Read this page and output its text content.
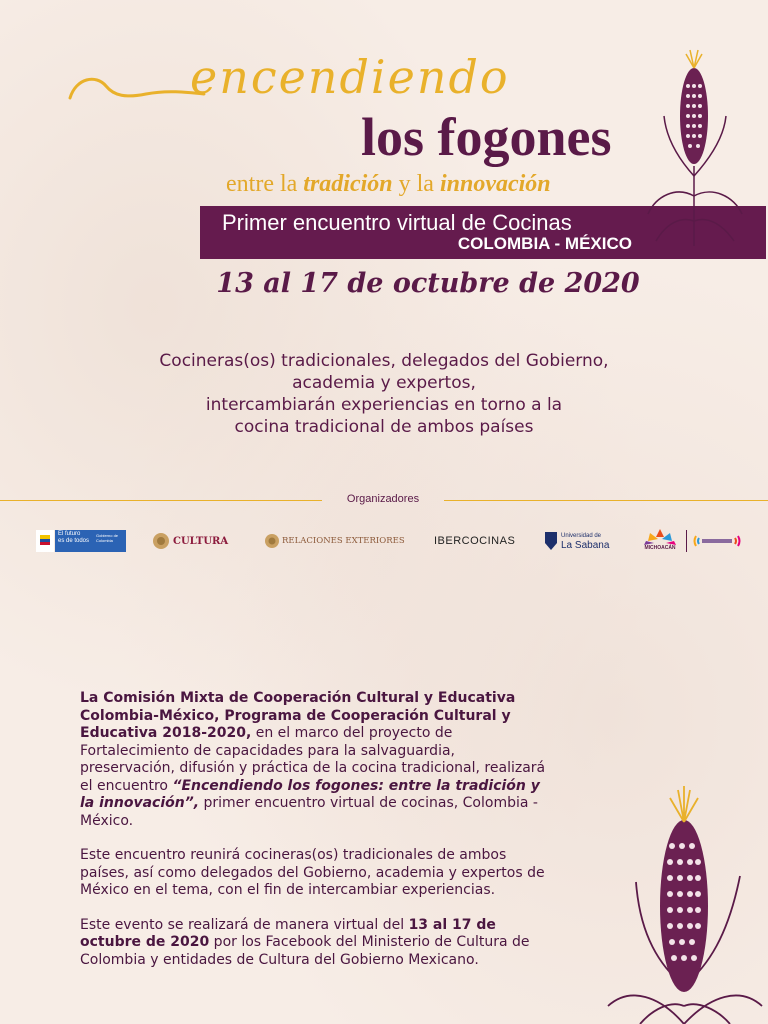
encendiendo

los fogones

entre la tradición y la innovación

Primer encuentro virtual de Cocinas
COLOMBIA - MÉXICO

13 al 17 de octubre de 2020

Cocineras(os) tradicionales, delegados del Gobierno,
academia y expertos,
intercambiarán experiencias en torno a la
cocina tradicional de ambos países
Organizadores
El futuro
es de todos
Gobierno de Colombia	CULTURA	RELACIONES EXTERIORES	IBERCOCINAS	Universidad de
La Sabana	MICHOACÁN

La Comisión Mixta de Cooperación Cultural y Educativa Colombia-México, Programa de Cooperación Cultural y Educativa 2018-2020, en el marco del proyecto de Fortalecimiento de capacidades para la salvaguardia, preservación, difusión y práctica de la cocina tradicional, realizará el encuentro “Encendiendo los fogones: entre la tradición y la innovación”, primer encuentro virtual de cocinas, Colombia - México.

Este encuentro reunirá cocineras(os) tradicionales de ambos países, así como delegados del Gobierno, academia y expertos de México en el tema, con el fin de intercambiar experiencias.

Este evento se realizará de manera virtual del 13 al 17 de octubre de 2020 por los Facebook del Ministerio de Cultura de Colombia y entidades de Cultura del Gobierno Mexicano.
